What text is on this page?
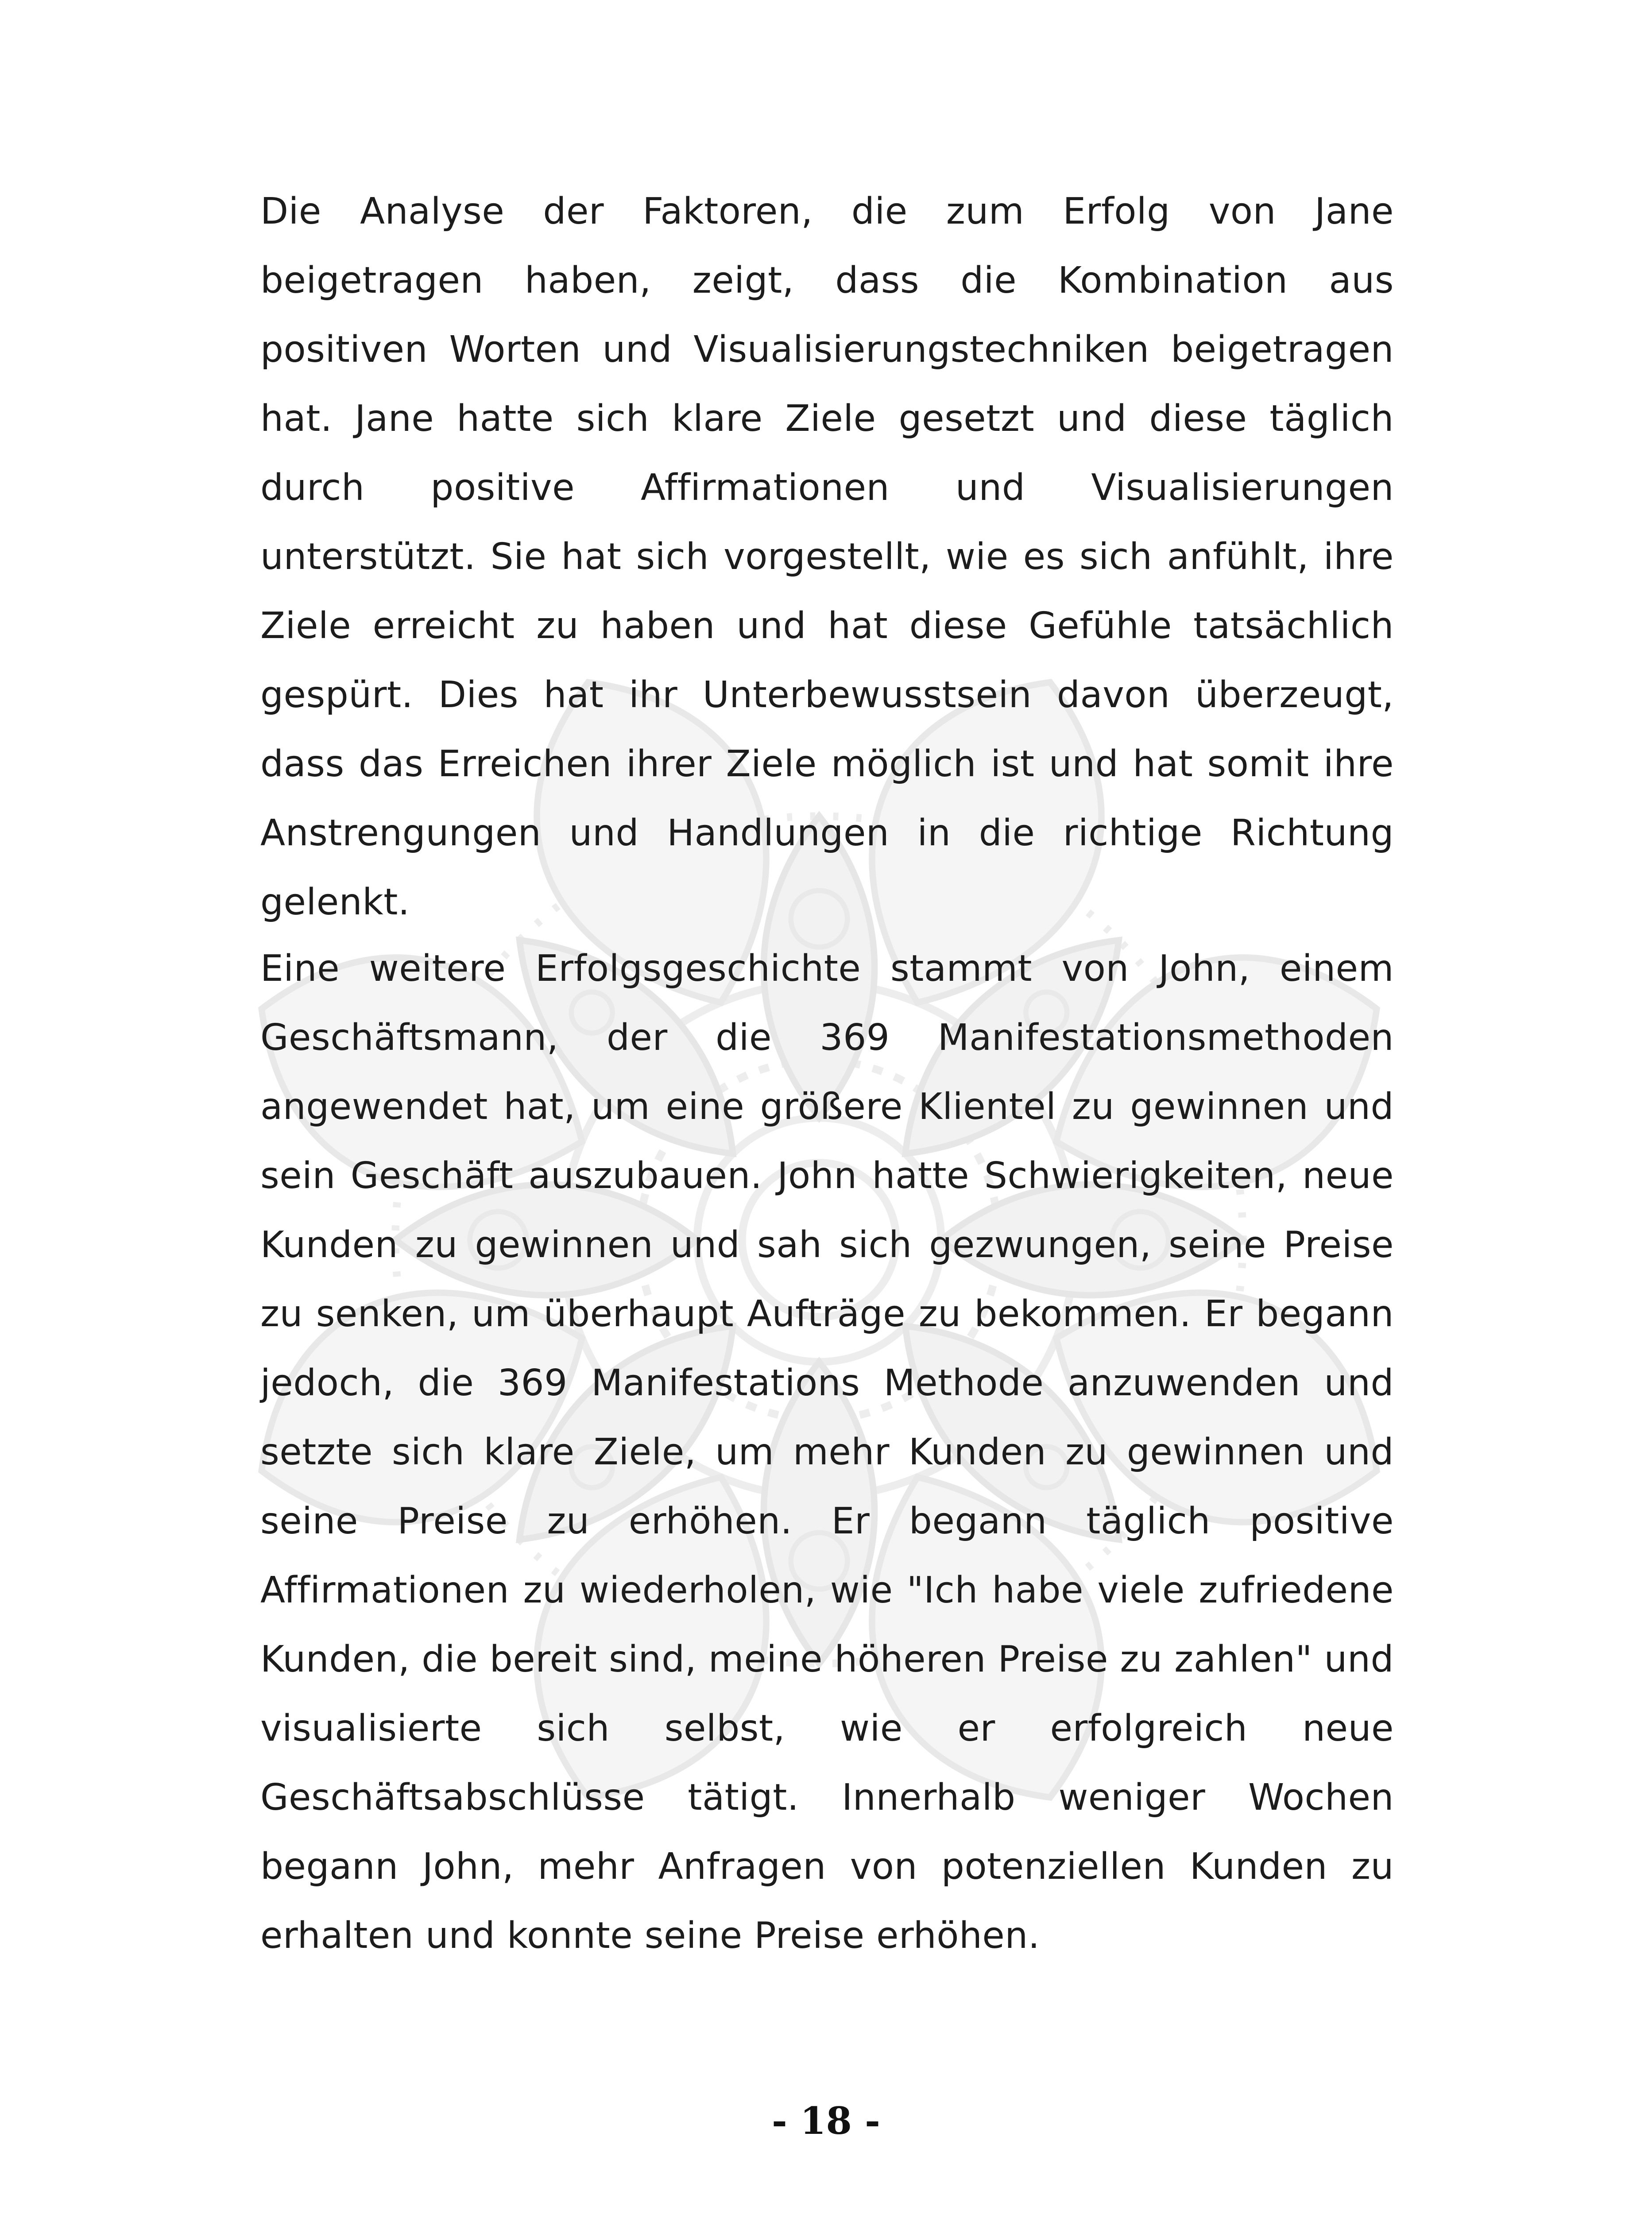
Die Analyse der Faktoren, die zum Erfolg von Jane beigetragen haben, zeigt, dass die Kombination aus positiven Worten und Visualisierungstechniken beigetragen hat. Jane hatte sich klare Ziele gesetzt und diese täglich durch positive Affirmationen und Visualisierungen unterstützt. Sie hat sich vorgestellt, wie es sich anfühlt, ihre Ziele erreicht zu haben und hat diese Gefühle tatsächlich gespürt. Dies hat ihr Unterbewusstsein davon überzeugt, dass das Erreichen ihrer Ziele möglich ist und hat somit ihre Anstrengungen und Handlungen in die richtige Richtung gelenkt.
Eine weitere Erfolgsgeschichte stammt von John, einem Geschäftsmann, der die 369 Manifestationsmethoden angewendet hat, um eine größere Klientel zu gewinnen und sein Geschäft auszubauen. John hatte Schwierigkeiten, neue Kunden zu gewinnen und sah sich gezwungen, seine Preise zu senken, um überhaupt Aufträge zu bekommen. Er begann jedoch, die 369 Manifestations Methode anzuwenden und setzte sich klare Ziele, um mehr Kunden zu gewinnen und seine Preise zu erhöhen. Er begann täglich positive Affirmationen zu wiederholen, wie "Ich habe viele zufriedene Kunden, die bereit sind, meine höheren Preise zu zahlen" und visualisierte sich selbst, wie er erfolgreich neue Geschäftsabschlüsse tätigt. Innerhalb weniger Wochen begann John, mehr Anfragen von potenziellen Kunden zu erhalten und konnte seine Preise erhöhen.
- 18 -
